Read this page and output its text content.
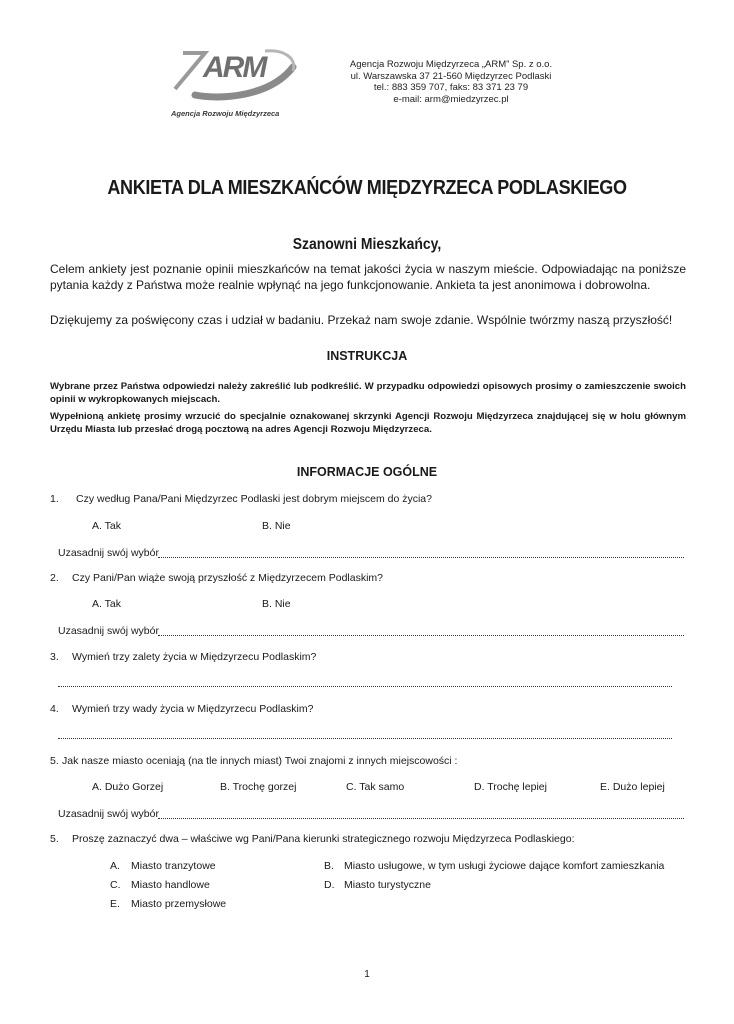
ARM
Agencja Rozwoju Międzyrzeca
Agencja Rozwoju Międzyrzeca „ARM” Sp. z o.o.
ul. Warszawska 37 21-560 Międzyrzec Podlaski
tel.: 883 359 707, faks: 83 371 23 79
e-mail: arm@miedzyrzec.pl
ANKIETA DLA MIESZKAŃCÓW MIĘDZYRZECA PODLASKIEGO
Szanowni Mieszkańcy,
Celem ankiety jest poznanie opinii mieszkańców na temat jakości życia w naszym mieście. Odpowiadając na poniższe pytania każdy z Państwa może realnie wpłynąć na jego funkcjonowanie. Ankieta ta jest anonimowa i dobrowolna.
Dziękujemy za poświęcony czas i udział w badaniu. Przekaż nam swoje zdanie. Wspólnie twórzmy naszą przyszłość!
INSTRUKCJA
Wybrane przez Państwa odpowiedzi należy zakreślić lub podkreślić. W przypadku odpowiedzi opisowych prosimy o zamieszczenie swoich opinii w wykropkowanych miejscach.
Wypełnioną ankietę prosimy wrzucić do specjalnie oznakowanej skrzynki Agencji Rozwoju Międzyrzeca znajdującej się w holu głównym Urzędu Miasta lub przesłać drogą pocztową na adres Agencji Rozwoju Międzyrzeca.
INFORMACJE OGÓLNE
1. Czy według Pana/Pani Międzyrzec Podlaski jest dobrym miejscem do życia?
A. Tak	B. Nie
Uzasadnij swój wybór
2. Czy Pani/Pan wiąże swoją przyszłość z Międzyrzecem Podlaskim?
A. Tak	B. Nie
Uzasadnij swój wybór
3. Wymień trzy zalety życia w Międzyrzecu Podlaskim?
4. Wymień trzy wady życia w Międzyrzecu Podlaskim?
5. Jak nasze miasto oceniają (na tle innych miast) Twoi znajomi z innych miejscowości :
A. Dużo Gorzej	B. Trochę gorzej	C. Tak samo	D. Trochę lepiej	E. Dużo lepiej
Uzasadnij swój wybór
5. Proszę zaznaczyć dwa – właściwe wg Pani/Pana kierunki strategicznego rozwoju Międzyrzeca Podlaskiego:
A. Miasto tranzytowe	B. Miasto usługowe, w tym usługi życiowe dające komfort zamieszkania
C. Miasto handlowe	D. Miasto turystyczne
E. Miasto przemysłowe
1
